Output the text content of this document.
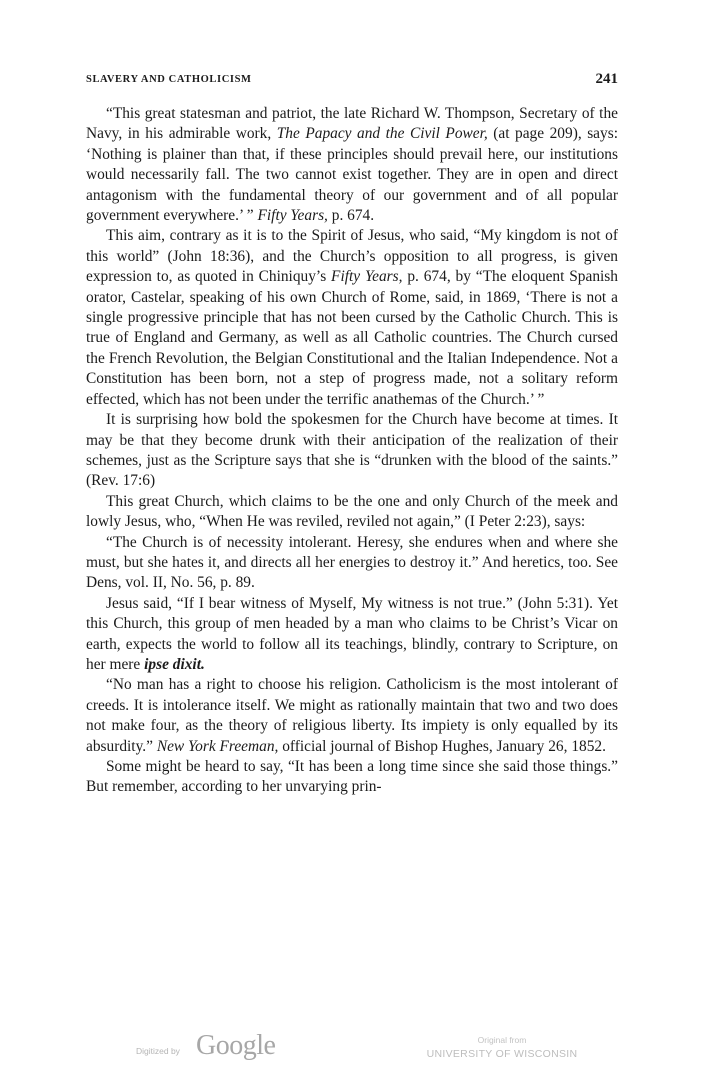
SLAVERY AND CATHOLICISM	241

“This great statesman and patriot, the late Richard W. Thompson, Secretary of the Navy, in his admirable work, The Papacy and the Civil Power, (at page 209), says: ‘Nothing is plainer than that, if these principles should prevail here, our institutions would necessarily fall. The two cannot exist together. They are in open and direct antagonism with the fundamental theory of our government and of all popular government everywhere.’ ” Fifty Years, p. 674.

This aim, contrary as it is to the Spirit of Jesus, who said, “My kingdom is not of this world” (John 18:36), and the Church’s opposition to all progress, is given expression to, as quoted in Chiniquy’s Fifty Years, p. 674, by “The eloquent Spanish orator, Castelar, speaking of his own Church of Rome, said, in 1869, ‘There is not a single progressive principle that has not been cursed by the Catholic Church. This is true of England and Germany, as well as all Catholic countries. The Church cursed the French Revolution, the Belgian Constitutional and the Italian Independence. Not a Constitution has been born, not a step of progress made, not a solitary reform effected, which has not been under the terrific anathemas of the Church.’ ”

It is surprising how bold the spokesmen for the Church have become at times. It may be that they become drunk with their anticipation of the realization of their schemes, just as the Scripture says that she is “drunken with the blood of the saints.” (Rev. 17:6)

This great Church, which claims to be the one and only Church of the meek and lowly Jesus, who, “When He was reviled, reviled not again,” (I Peter 2:23), says:

“The Church is of necessity intolerant. Heresy, she endures when and where she must, but she hates it, and directs all her energies to destroy it.” And heretics, too. See Dens, vol. II, No. 56, p. 89.

Jesus said, “If I bear witness of Myself, My witness is not true.” (John 5:31). Yet this Church, this group of men headed by a man who claims to be Christ’s Vicar on earth, expects the world to follow all its teachings, blindly, contrary to Scripture, on her mere ipse dixit.

“No man has a right to choose his religion. Catholicism is the most intolerant of creeds. It is intolerance itself. We might as rationally maintain that two and two does not make four, as the theory of religious liberty. Its impiety is only equalled by its absurdity.” New York Freeman, official journal of Bishop Hughes, January 26, 1852.

Some might be heard to say, “It has been a long time since she said those things.” But remember, according to her unvarying prin-

Digitized by Google	Original from
UNIVERSITY OF WISCONSIN
